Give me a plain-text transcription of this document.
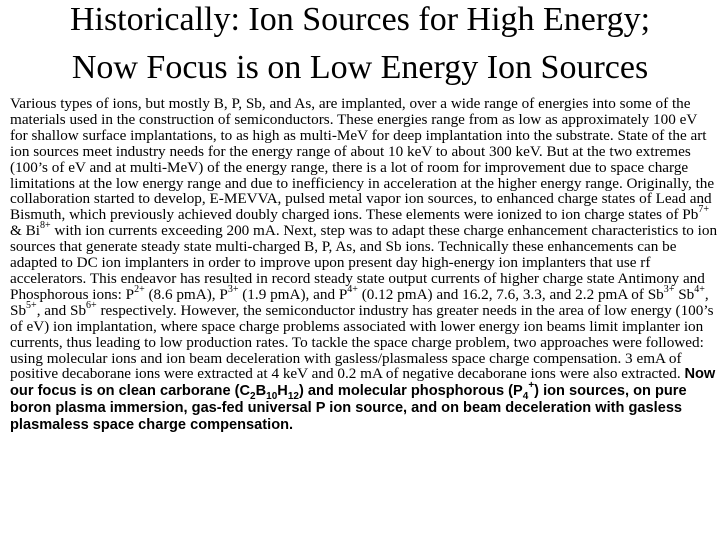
Historically: Ion Sources for High Energy;
Now Focus is on Low Energy Ion Sources

Various types of ions, but mostly B, P, Sb, and As, are implanted, over a wide range of energies into some of the materials used in the construction of semiconductors. These energies range from as low as approximately 100 eV for shallow surface implantations, to as high as multi-MeV for deep implantation into the substrate. State of the art ion sources meet industry needs for the energy range of about 10 keV to about 300 keV. But at the two extremes (100’s of eV and at multi-MeV) of the energy range, there is a lot of room for improvement due to space charge limitations at the low energy range and due to inefficiency in acceleration at the higher energy range. Originally, the collaboration started to develop, E-MEVVA, pulsed metal vapor ion sources, to enhanced charge states of Lead and Bismuth, which previously achieved doubly charged ions. These elements were ionized to ion charge states of $Pb^{7+}$ & $Bi^{8+}$ with ion currents exceeding 200 mA. Next, step was to adapt these charge enhancement characteristics to ion sources that generate steady state multi-charged B, P, As, and Sb ions. Technically these enhancements can be adapted to DC ion implanters in order to improve upon present day high-energy ion implanters that use rf accelerators. This endeavor has resulted in record steady state output currents of higher charge state Antimony and Phosphorous ions: $P^{2+}$ (8.6 pmA), $P^{3+}$ (1.9 pmA), and $P^{4+}$ (0.12 pmA) and 16.2, 7.6, 3.3, and 2.2 pmA of $Sb^{3+}$ $Sb^{4+}$, $Sb^{5+}$, and $Sb^{6+}$ respectively. However, the semiconductor industry has greater needs in the area of low energy (100’s of eV) ion implantation, where space charge problems associated with lower energy ion beams limit implanter ion currents, thus leading to low production rates. To tackle the space charge problem, two approaches were followed: using molecular ions and ion beam deceleration with gasless/plasmaless space charge compensation. 3 emA of positive decaborane ions were extracted at 4 keV and 0.2 mA of negative decaborane ions were also extracted. Now our focus is on clean carborane $(C_2B_{10}H_{12})$ and molecular phosphorous $(P_4^+)$ ion sources, on pure boron plasma immersion, gas-fed universal P ion source, and on beam deceleration with gasless plasmaless space charge compensation.
